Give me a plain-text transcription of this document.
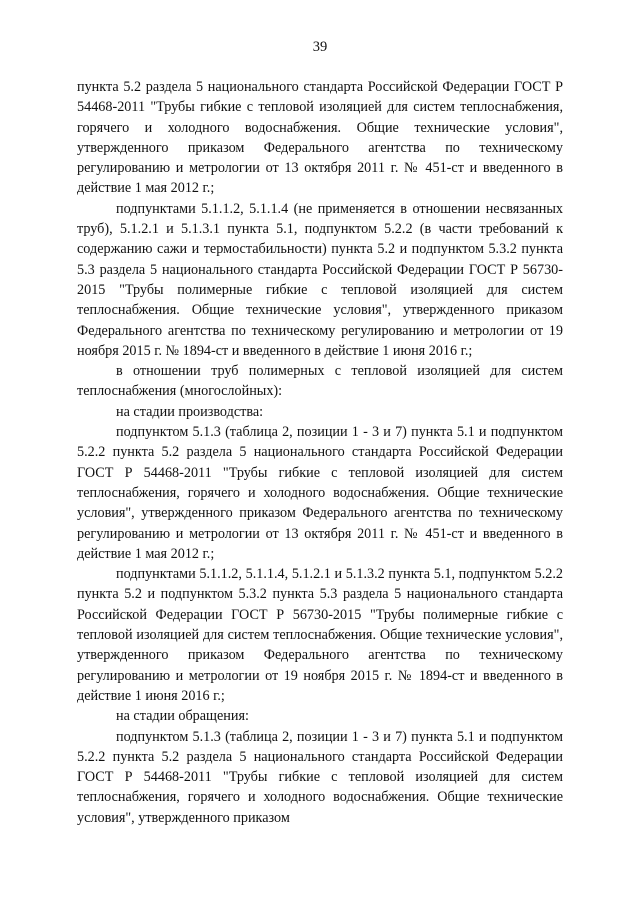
39

пункта 5.2 раздела 5 национального стандарта Российской Федерации ГОСТ Р 54468-2011 "Трубы гибкие с тепловой изоляцией для систем теплоснабжения, горячего и холодного водоснабжения. Общие технические условия", утвержденного приказом Федерального агентства по техническому регулированию и метрологии от 13 октября 2011 г. № 451-ст и введенного в действие 1 мая 2012 г.;

подпунктами 5.1.1.2, 5.1.1.4 (не применяется в отношении несвязанных труб), 5.1.2.1 и 5.1.3.1 пункта 5.1, подпунктом 5.2.2 (в части требований к содержанию сажи и термостабильности) пункта 5.2 и подпунктом 5.3.2 пункта 5.3 раздела 5 национального стандарта Российской Федерации ГОСТ Р 56730-2015 "Трубы полимерные гибкие с тепловой изоляцией для систем теплоснабжения. Общие технические условия", утвержденного приказом Федерального агентства по техническому регулированию и метрологии от 19 ноября 2015 г. № 1894-ст и введенного в действие 1 июня 2016 г.;

в отношении труб полимерных с тепловой изоляцией для систем теплоснабжения (многослойных):

на стадии производства:

подпунктом 5.1.3 (таблица 2, позиции 1 - 3 и 7) пункта 5.1 и подпунктом 5.2.2 пункта 5.2 раздела 5 национального стандарта Российской Федерации ГОСТ Р 54468-2011 "Трубы гибкие с тепловой изоляцией для систем теплоснабжения, горячего и холодного водоснабжения. Общие технические условия", утвержденного приказом Федерального агентства по техническому регулированию и метрологии от 13 октября 2011 г. № 451-ст и введенного в действие 1 мая 2012 г.;

подпунктами 5.1.1.2, 5.1.1.4, 5.1.2.1 и 5.1.3.2 пункта 5.1, подпунктом 5.2.2 пункта 5.2 и подпунктом 5.3.2 пункта 5.3 раздела 5 национального стандарта Российской Федерации ГОСТ Р 56730-2015 "Трубы полимерные гибкие с тепловой изоляцией для систем теплоснабжения. Общие технические условия", утвержденного приказом Федерального агентства по техническому регулированию и метрологии от 19 ноября 2015 г. № 1894-ст и введенного в действие 1 июня 2016 г.;

на стадии обращения:

подпунктом 5.1.3 (таблица 2, позиции 1 - 3 и 7) пункта 5.1 и подпунктом 5.2.2 пункта 5.2 раздела 5 национального стандарта Российской Федерации ГОСТ Р 54468-2011 "Трубы гибкие с тепловой изоляцией для систем теплоснабжения, горячего и холодного водоснабжения. Общие технические условия", утвержденного приказом
